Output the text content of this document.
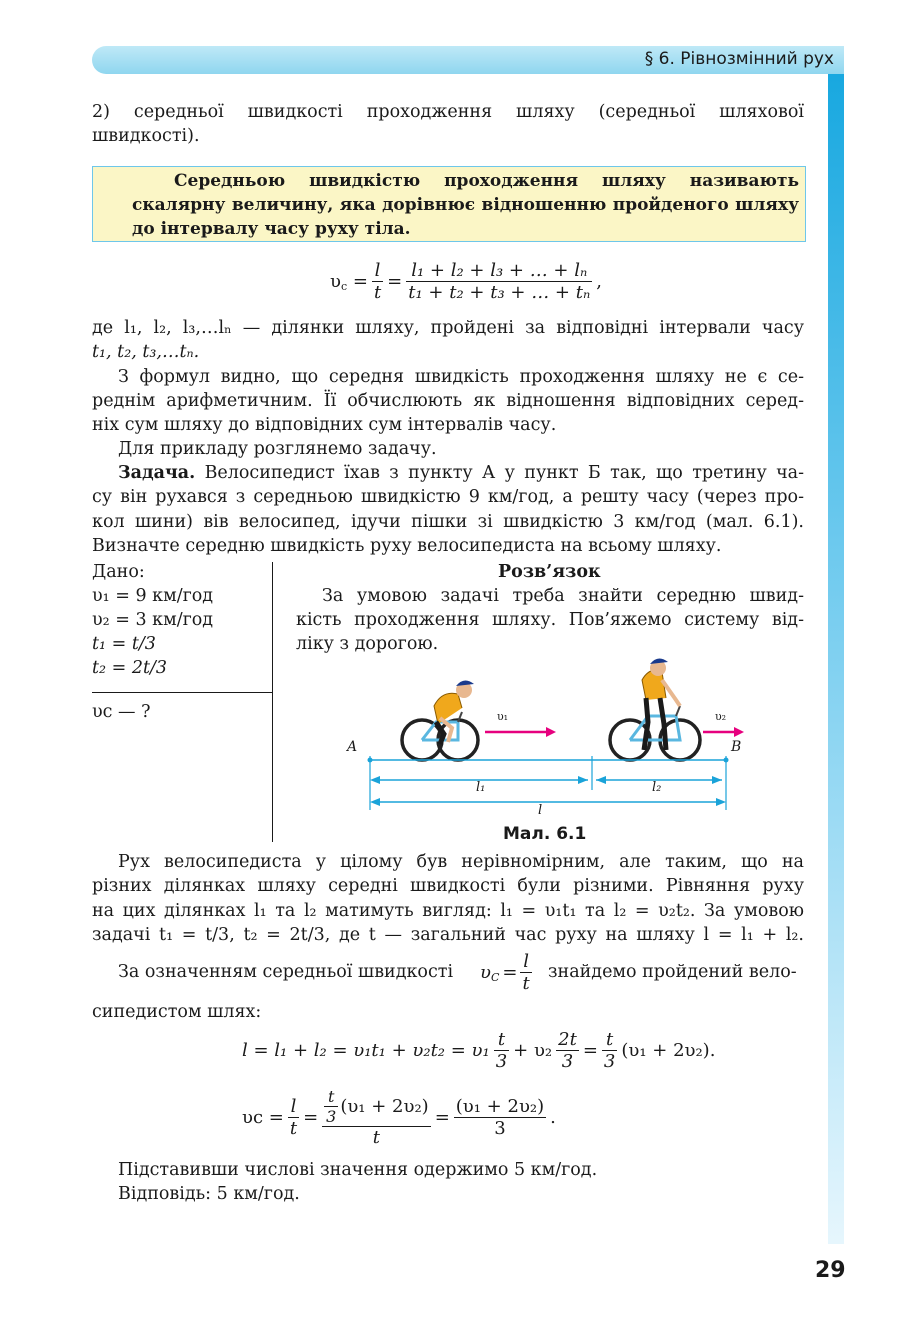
§ 6. Рівнозмінний рух
2) середньої швидкості проходження шляху (середньої шляхової
швидкості).
Середньою швидкістю проходження шляху називають скалярну величину, яка дорівнює відношенню пройденого шляху до інтервалу часу руху тіла.
$\upsilon_с = \frac{l}{t} = \frac{\text{l₁ + l₂ + l₃ + … + lₙ}}{\text{t₁ + t₂ + t₃ + … + tₙ}}$ ,
де l₁, l₂, l₃,…lₙ — ділянки шляху, пройдені за відповідні інтервали часу
t₁, t₂, t₃,…tₙ.
З формул видно, що середня швидкість проходження шляху не є се-
реднім арифметичним. Її обчислюють як відношення відповідних серед-
ніх сум шляху до відповідних сум інтервалів часу.
Для прикладу розглянемо задачу.
Задача. Велосипедист їхав з пункту А у пункт Б так, що третину ча-
су він рухався з середньою швидкістю 9 км/год, а решту часу (через про-
кол шини) вів велосипед, ідучи пішки зі швидкістю 3 км/год (мал. 6.1).
Визначте середню швидкість руху велосипедиста на всьому шляху.
Дано:
υ₁ = 9 км/год
υ₂ = 3 км/год
t₁ = t/3
t₂ = 2t/3
υс — ?
Розв’язок
За умовою задачі треба знайти середню швид-
кість проходження шляху. Пов’яжемо систему від-
ліку з дорогою.
A	B
υ₁	υ₂
l₁	l₂
l
Мал. 6.1
Рух велосипедиста у цілому був нерівномірним, але таким, що на
різних ділянках шляху середні швидкості були різними. Рівняння руху
на цих ділянках l₁ та l₂ матимуть вигляд: l₁ = υ₁t₁ та l₂ = υ₂t₂. За умовою
задачі t₁ = t/3, t₂ = 2t/3, де t — загальний час руху на шляху l = l₁ + l₂.
За означенням середньої швидкості $\upsilon_C = \frac{l}{t}$ знайдемо пройдений вело-
сипедистом шлях:
$l = l_1 + l_2 = \upsilon_1t_1 + \upsilon_2t_2 = \upsilon_1 \frac{t}{3} + \upsilon_2 \frac{2t}{3} = \frac{t}{3} (\upsilon_1 + 2\upsilon_2)$.
$\upsilon с = \frac{l}{t} = \frac{\frac{t}{3} (\upsilon_1 + 2\upsilon_2)}{t} = \frac{\text{(υ₁ + 2υ₂)}}{3}$ .
Підставивши числові значення одержимо 5 км/год.
Відповідь: 5 км/год.
29
